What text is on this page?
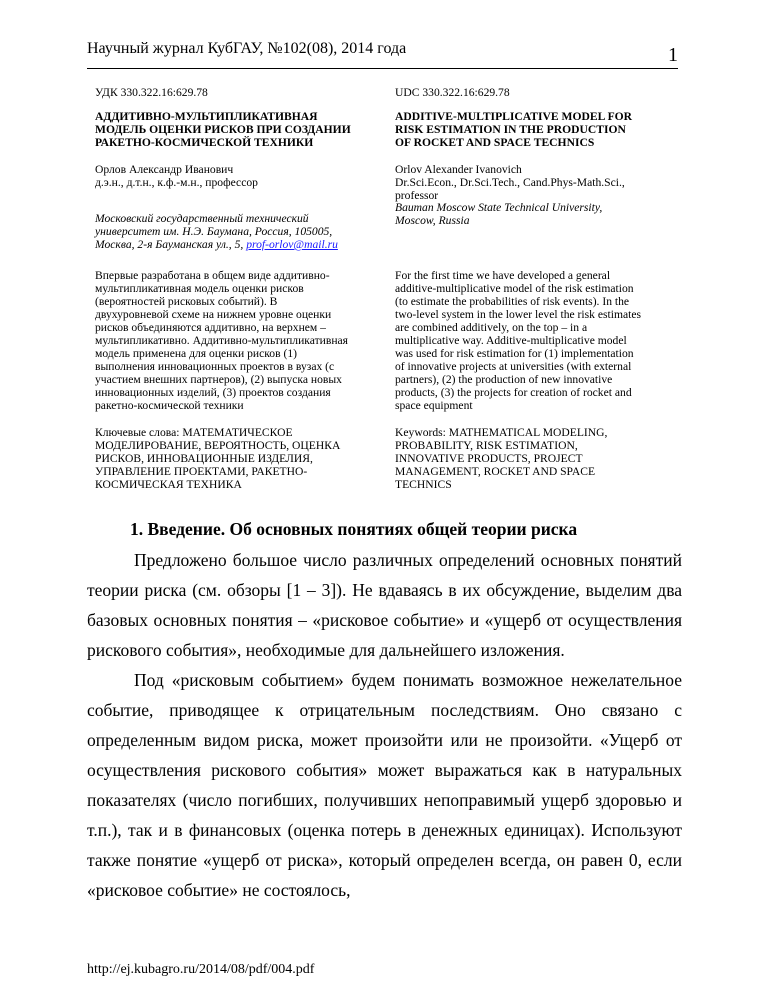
Научный журнал КубГАУ, №102(08), 2014 года	1
УДК 330.322.16:629.78	UDC 330.322.16:629.78
АДДИТИВНО-МУЛЬТИПЛИКАТИВНАЯ
МОДЕЛЬ ОЦЕНКИ РИСКОВ ПРИ СОЗДАНИИ
РАКЕТНО-КОСМИЧЕСКОЙ ТЕХНИКИ
ADDITIVE-MULTIPLICATIVE MODEL FOR
RISK ESTIMATION IN THE PRODUCTION
OF ROCKET AND SPACE TECHNICS
Орлов Александр Иванович
д.э.н., д.т.н., к.ф.-м.н., профессор
Orlov Alexander Ivanovich
Dr.Sci.Econ., Dr.Sci.Tech., Cand.Phys-Math.Sci.,
professor
Московский государственный технический
университет им. Н.Э. Баумана, Россия, 105005,
Москва, 2-я Бауманская ул., 5, prof-orlov@mail.ru
Bauman Moscow State Technical University,
Moscow, Russia
Впервые разработана в общем виде аддитивно-
мультипликативная модель оценки рисков
(вероятностей рисковых событий). В
двухуровневой схеме на нижнем уровне оценки
рисков объединяются аддитивно, на верхнем –
мультипликативно. Аддитивно-мультипликативная
модель применена для оценки рисков (1)
выполнения инновационных проектов в вузах (с
участием внешних партнеров), (2) выпуска новых
инновационных изделий, (3) проектов создания
ракетно-космической техники
For the first time we have developed a general
additive-multiplicative model of the risk estimation
(to estimate the probabilities of risk events). In the
two-level system in the lower level the risk estimates
are combined additively, on the top – in a
multiplicative way. Additive-multiplicative model
was used for risk estimation for (1) implementation
of innovative projects at universities (with external
partners), (2) the production of new innovative
products, (3) the projects for creation of rocket and
space equipment
Ключевые слова: МАТЕМАТИЧЕСКОЕ
МОДЕЛИРОВАНИЕ, ВЕРОЯТНОСТЬ, ОЦЕНКА
РИСКОВ, ИННОВАЦИОННЫЕ ИЗДЕЛИЯ,
УПРАВЛЕНИЕ ПРОЕКТАМИ, РАКЕТНО-
КОСМИЧЕСКАЯ ТЕХНИКА
Keywords: MATHEMATICAL MODELING,
PROBABILITY, RISK ESTIMATION,
INNOVATIVE PRODUCTS, PROJECT
MANAGEMENT, ROCKET AND SPACE
TECHNICS
1. Введение. Об основных понятиях общей теории риска

Предложено большое число различных определений основных понятий теории риска (см. обзоры [1 – 3]). Не вдаваясь в их обсуждение, выделим два базовых основных понятия – «рисковое событие» и «ущерб от осуществления рискового события», необходимые для дальнейшего изложения.

Под «рисковым событием» будем понимать возможное нежелательное событие, приводящее к отрицательным последствиям. Оно связано с определенным видом риска, может произойти или не произойти. «Ущерб от осуществления рискового события» может выражаться как в натуральных показателях (число погибших, получивших непоправимый ущерб здоровью и т.п.), так и в финансовых (оценка потерь в денежных единицах). Используют также понятие «ущерб от риска», который определен всегда, он равен 0, если «рисковое событие» не состоялось,

http://ej.kubagro.ru/2014/08/pdf/004.pdf
